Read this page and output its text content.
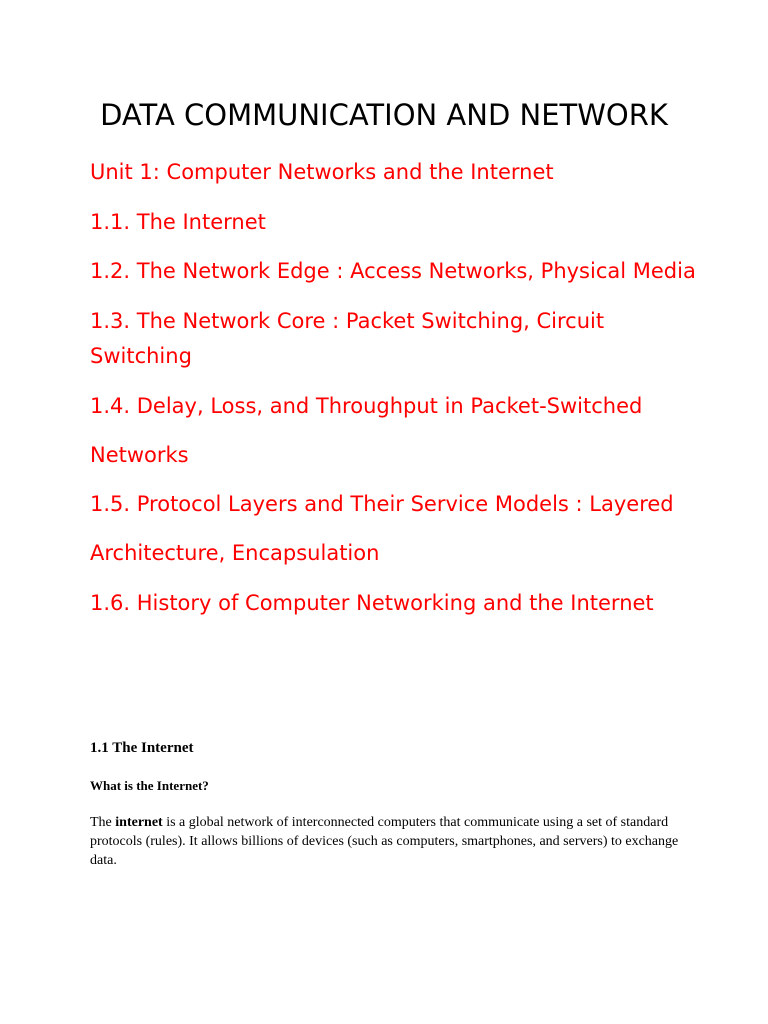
DATA COMMUNICATION AND NETWORK

Unit 1: Computer Networks and the Internet

1.1. The Internet

1.2. The Network Edge : Access Networks, Physical Media

1.3. The Network Core : Packet Switching, Circuit

Switching

1.4. Delay, Loss, and Throughput in Packet-Switched

Networks

1.5. Protocol Layers and Their Service Models : Layered

Architecture, Encapsulation

1.6. History of Computer Networking and the Internet

1.1 The Internet

What is the Internet?

The internet is a global network of interconnected computers that communicate using a set of standard protocols (rules). It allows billions of devices (such as computers, smartphones, and servers) to exchange data.
